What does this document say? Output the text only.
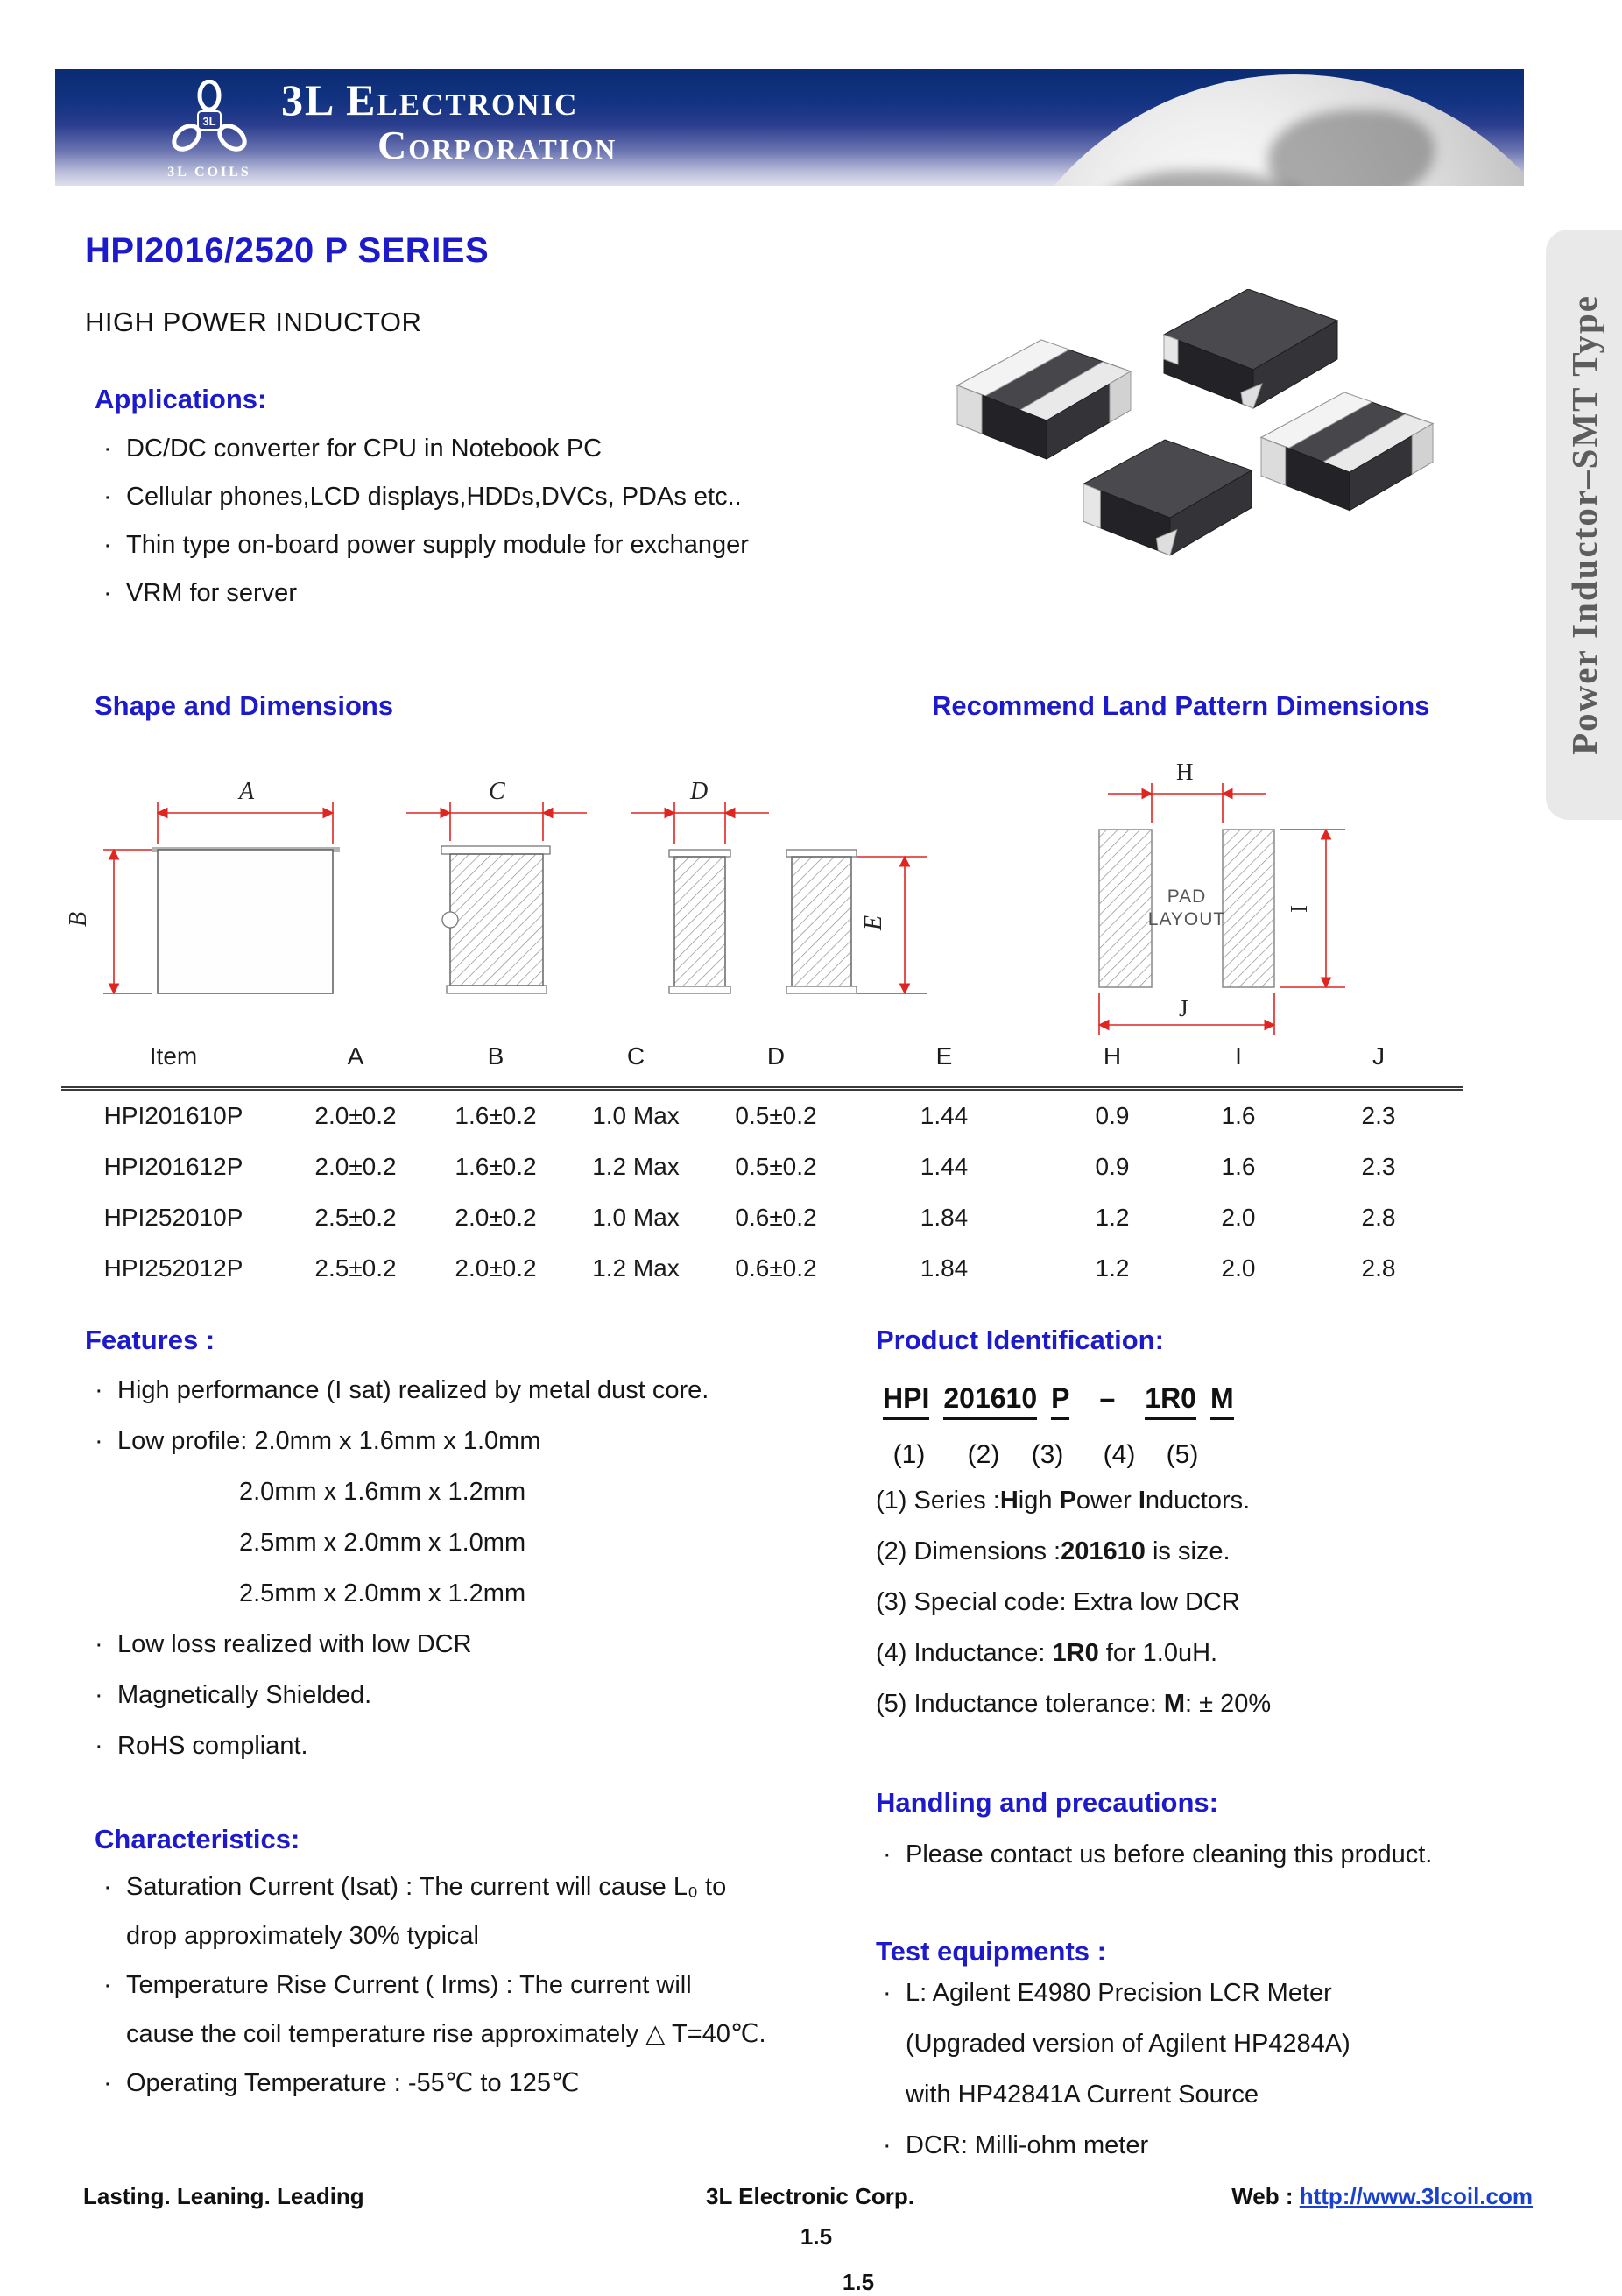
3L
3L COILS
3L Electronic
Corporation
Power Inductor–SMT Type
HPI2016/2520 P SERIES
HIGH POWER INDUCTOR
Applications:
· DC/DC converter for CPU in Notebook PC
· Cellular phones,LCD displays,HDDs,DVCs, PDAs etc..
· Thin type on-board power supply module for exchanger
· VRM for server
Shape and Dimensions	Recommend Land Pattern Dimensions
A
B
C	D
E
PAD
LAYOUT
H
I
J
Item	A	B	C	D	E	H	I	J
HPI201610P	2.0±0.2	1.6±0.2	1.0 Max	0.5±0.2	1.44	0.9	1.6	2.3
HPI201612P	2.0±0.2	1.6±0.2	1.2 Max	0.5±0.2	1.44	0.9	1.6	2.3
HPI252010P	2.5±0.2	2.0±0.2	1.0 Max	0.6±0.2	1.84	1.2	2.0	2.8
HPI252012P	2.5±0.2	2.0±0.2	1.2 Max	0.6±0.2	1.84	1.2	2.0	2.8
Features :
· High performance (I sat) realized by metal dust core.
· Low profile: 2.0mm x 1.6mm x 1.0mm
2.0mm x 1.6mm x 1.2mm
2.5mm x 2.0mm x 1.0mm
2.5mm x 2.0mm x 1.2mm
· Low loss realized with low DCR
· Magnetically Shielded.
· RoHS compliant.
Characteristics:
· Saturation Current (Isat) : The current will cause L₀ to
drop approximately 30% typical
· Temperature Rise Current ( Irms) : The current will
cause the coil temperature rise approximately △ T=40℃.
· Operating Temperature : -55℃ to 125℃
Product Identification:
HPI 201610 P – 1R0 M
(1)	(2)	(3)	(4)	(5)
(1) Series :High Power Inductors.
(2) Dimensions :201610 is size.
(3) Special code: Extra low DCR
(4) Inductance: 1R0 for 1.0uH.
(5) Inductance tolerance: M: ± 20%
Handling and precautions:
· Please contact us before cleaning this product.
Test equipments :
· L: Agilent E4980 Precision LCR Meter
(Upgraded version of Agilent HP4284A)
with HP42841A Current Source
· DCR: Milli-ohm meter
Lasting. Leaning. Leading	3L Electronic Corp.	Web : http://www.3lcoil.com
1.5
1.5
